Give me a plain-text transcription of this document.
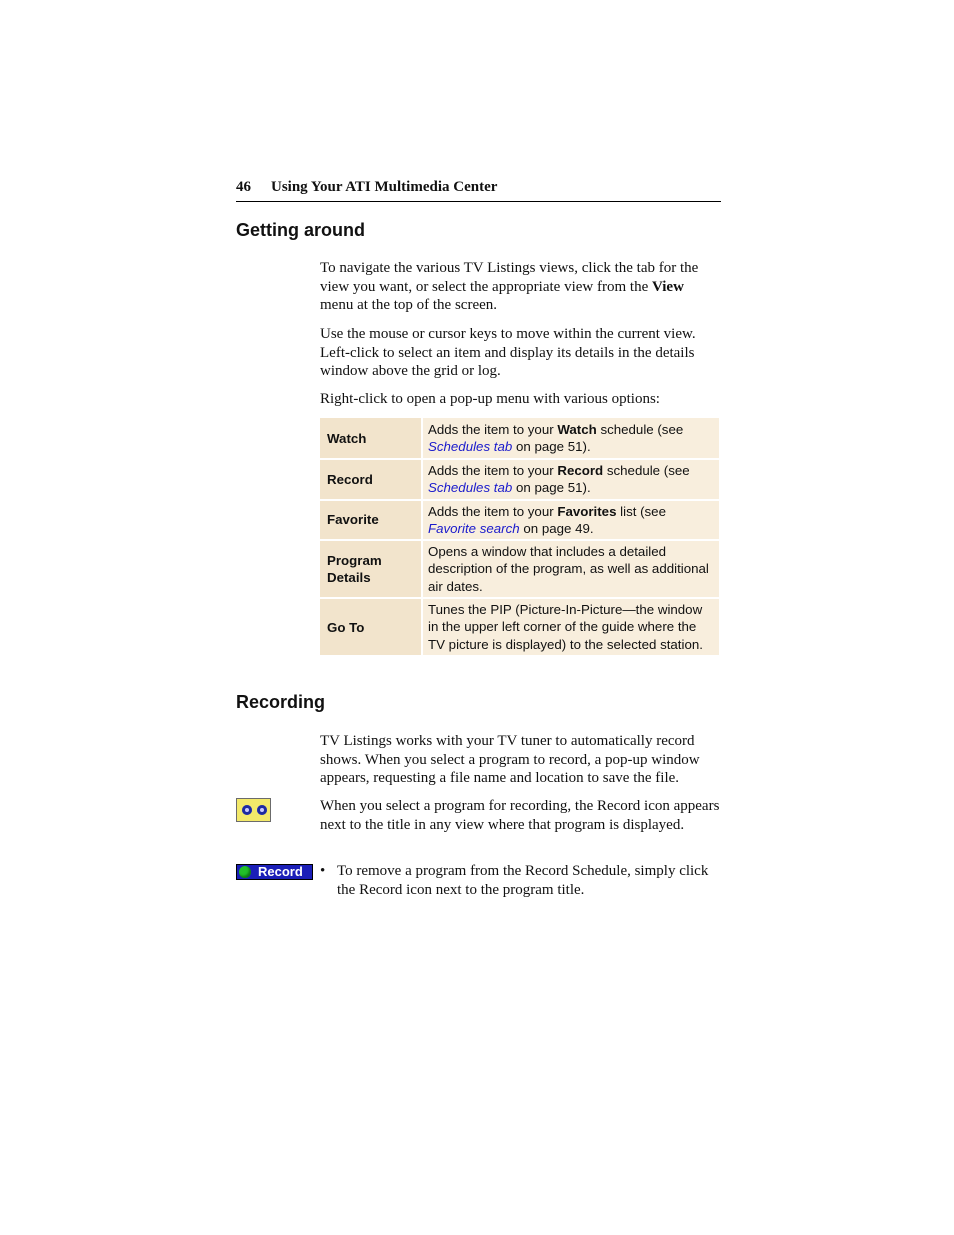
46 Using Your ATI Multimedia Center
Getting around
To navigate the various TV Listings views, click the tab for the view you want, or select the appropriate view from the View menu at the top of the screen.
Use the mouse or cursor keys to move within the current view. Left-click to select an item and display its details in the details window above the grid or log.
Right-click to open a pop-up menu with various options:
Watch	Adds the item to your Watch schedule (see
Schedules tab on page 51).
Record	Adds the item to your Record schedule (see
Schedules tab on page 51).
Favorite	Adds the item to your Favorites list (see
Favorite search on page 49.
Program Details	Opens a window that includes a detailed description of the program, as well as additional air dates.
Go To	Tunes the PIP (Picture-In-Picture—the window in the upper left corner of the guide where the TV picture is displayed) to the selected station.
Recording
TV Listings works with your TV tuner to automatically record shows. When you select a program to record, a pop-up window appears, requesting a file name and location to save the file.
When you select a program for recording, the Record icon appears next to the title in any view where that program is displayed.
Record • To remove a program from the Record Schedule, simply click the Record icon next to the program title.
